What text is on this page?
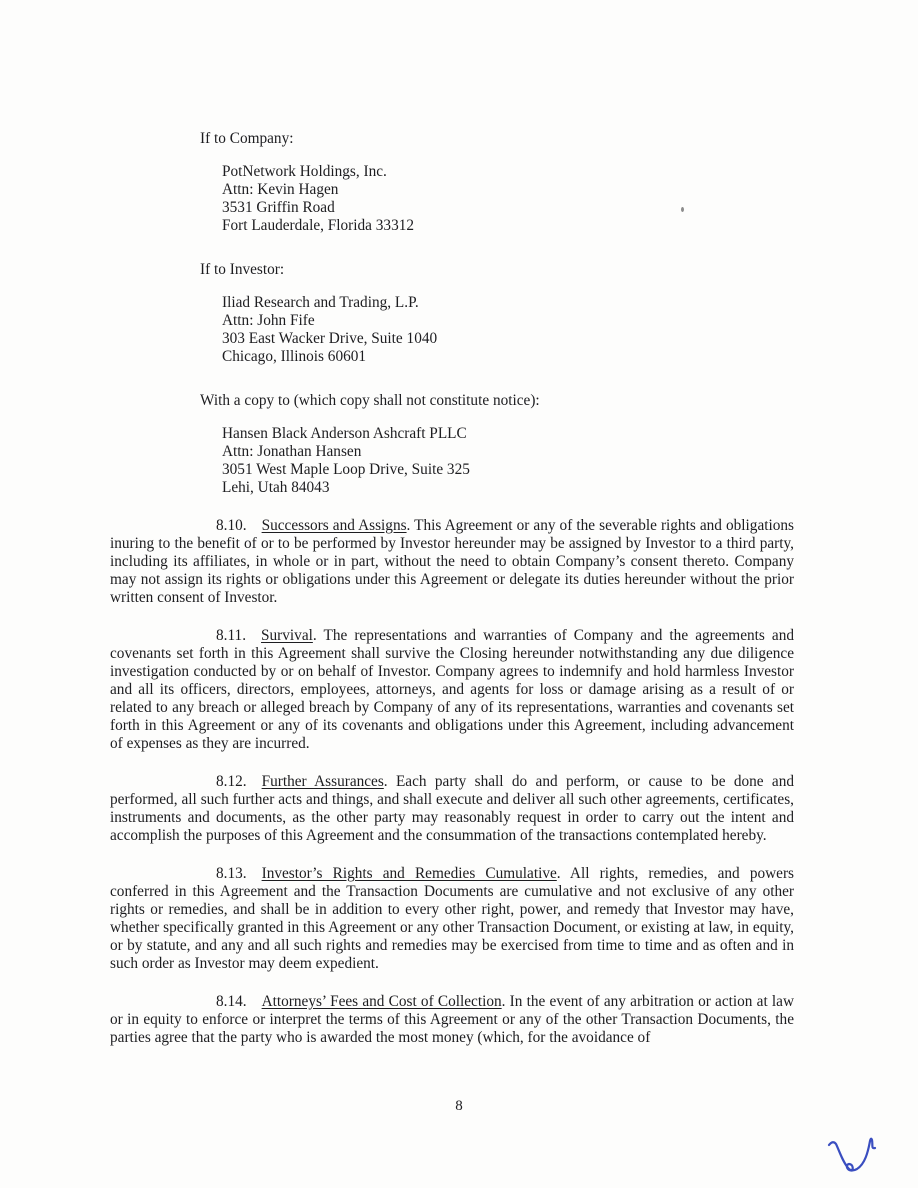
If to Company:

PotNetwork Holdings, Inc.

Attn: Kevin Hagen

3531 Griffin Road

Fort Lauderdale, Florida 33312

If to Investor:

Iliad Research and Trading, L.P.

Attn: John Fife

303 East Wacker Drive, Suite 1040

Chicago, Illinois 60601

With a copy to (which copy shall not constitute notice):

Hansen Black Anderson Ashcraft PLLC

Attn: Jonathan Hansen

3051 West Maple Loop Drive, Suite 325

Lehi, Utah 84043

8.10. Successors and Assigns. This Agreement or any of the severable rights and obligations inuring to the benefit of or to be performed by Investor hereunder may be assigned by Investor to a third party, including its affiliates, in whole or in part, without the need to obtain Company’s consent thereto. Company may not assign its rights or obligations under this Agreement or delegate its duties hereunder without the prior written consent of Investor.

8.11. Survival. The representations and warranties of Company and the agreements and covenants set forth in this Agreement shall survive the Closing hereunder notwithstanding any due diligence investigation conducted by or on behalf of Investor. Company agrees to indemnify and hold harmless Investor and all its officers, directors, employees, attorneys, and agents for loss or damage arising as a result of or related to any breach or alleged breach by Company of any of its representations, warranties and covenants set forth in this Agreement or any of its covenants and obligations under this Agreement, including advancement of expenses as they are incurred.

8.12. Further Assurances. Each party shall do and perform, or cause to be done and performed, all such further acts and things, and shall execute and deliver all such other agreements, certificates, instruments and documents, as the other party may reasonably request in order to carry out the intent and accomplish the purposes of this Agreement and the consummation of the transactions contemplated hereby.

8.13. Investor’s Rights and Remedies Cumulative. All rights, remedies, and powers conferred in this Agreement and the Transaction Documents are cumulative and not exclusive of any other rights or remedies, and shall be in addition to every other right, power, and remedy that Investor may have, whether specifically granted in this Agreement or any other Transaction Document, or existing at law, in equity, or by statute, and any and all such rights and remedies may be exercised from time to time and as often and in such order as Investor may deem expedient.

8.14. Attorneys’ Fees and Cost of Collection. In the event of any arbitration or action at law or in equity to enforce or interpret the terms of this Agreement or any of the other Transaction Documents, the parties agree that the party who is awarded the most money (which, for the avoidance of

8
